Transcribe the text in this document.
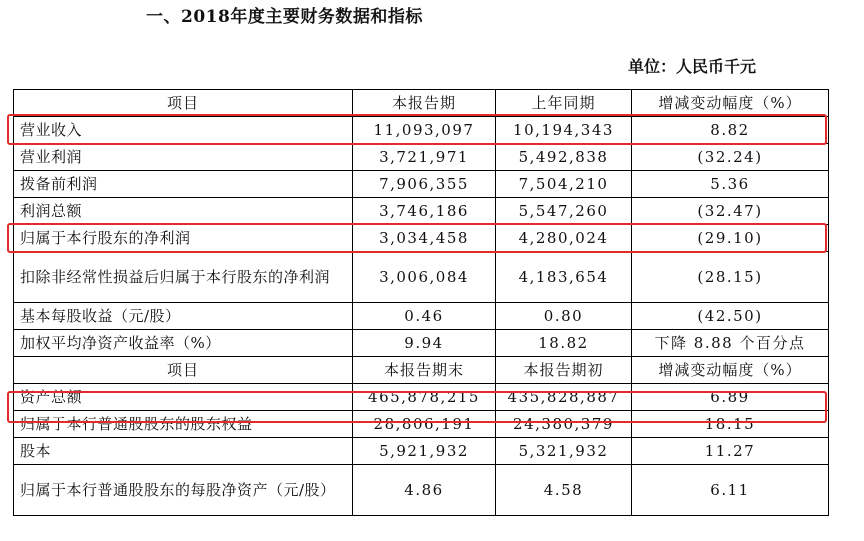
一、2018年度主要财务数据和指标
单位：人民币千元
项目	本报告期	上年同期	增减变动幅度（%）
营业收入	11,093,097	10,194,343	8.82
营业利润	3,721,971	5,492,838	(32.24)
拨备前利润	7,906,355	7,504,210	5.36
利润总额	3,746,186	5,547,260	(32.47)
归属于本行股东的净利润	3,034,458	4,280,024	(29.10)
扣除非经常性损益后归属于本行股东的净利润	3,006,084	4,183,654	(28.15)
基本每股收益（元/股）	0.46	0.80	(42.50)
加权平均净资产收益率（%）	9.94	18.82	下降 8.88 个百分点
项目	本报告期末	本报告期初	增减变动幅度（%）
资产总额	465,878,215	435,828,887	6.89
归属于本行普通股股东的股东权益	28,806,191	24,380,379	18.15
股本	5,921,932	5,321,932	11.27
归属于本行普通股股东的每股净资产（元/股）	4.86	4.58	6.11
